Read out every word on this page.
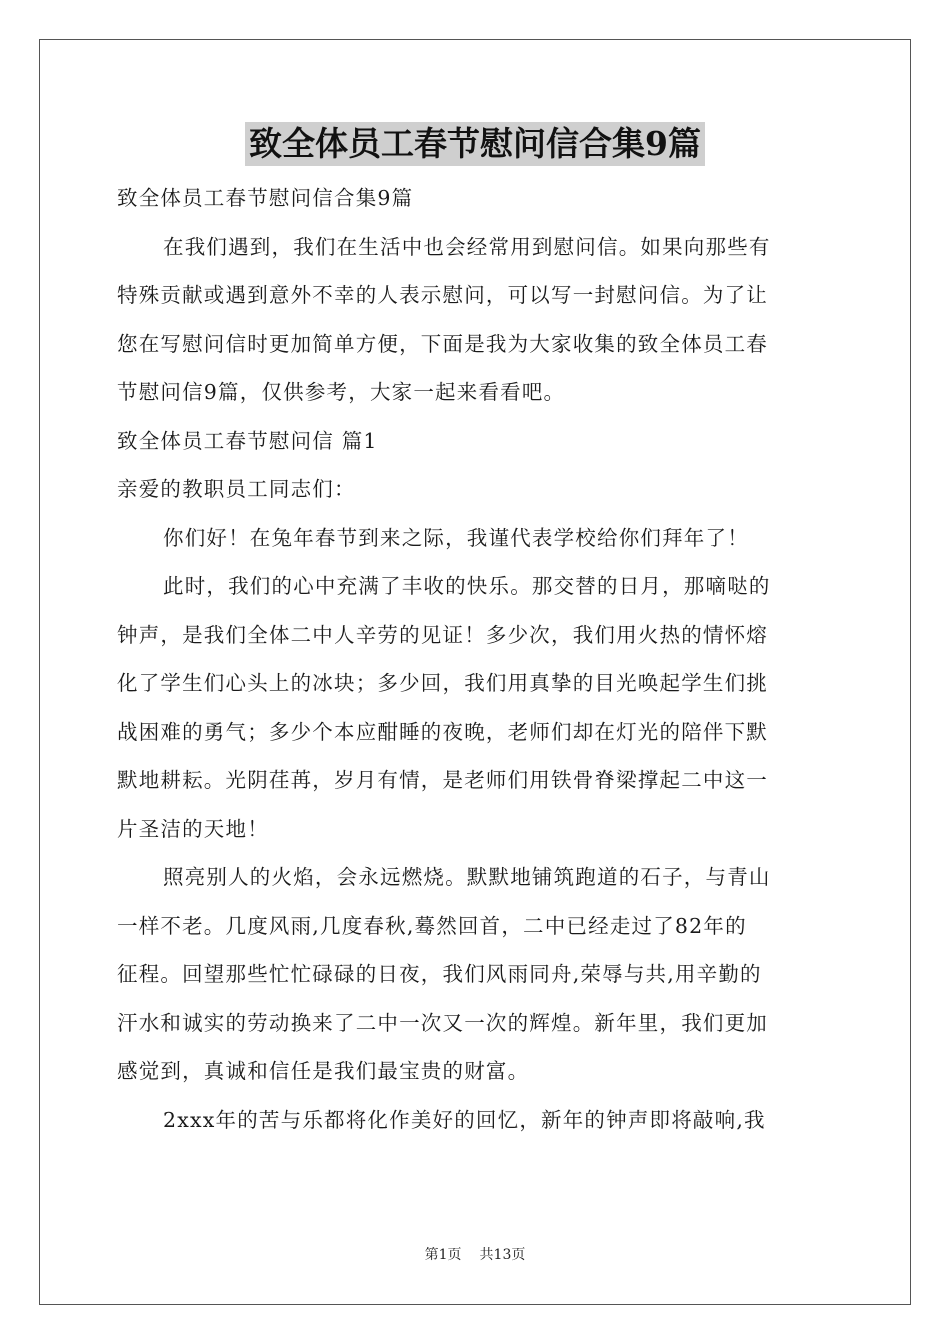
致全体员工春节慰问信合集9篇
致全体员工春节慰问信合集9篇
在我们遇到，我们在生活中也会经常用到慰问信。如果向那些有
特殊贡献或遇到意外不幸的人表示慰问，可以写一封慰问信。为了让
您在写慰问信时更加简单方便，下面是我为大家收集的致全体员工春
节慰问信9篇，仅供参考，大家一起来看看吧。
致全体员工春节慰问信 篇1
亲爱的教职员工同志们：
你们好！在兔年春节到来之际，我谨代表学校给你们拜年了！
此时，我们的心中充满了丰收的快乐。那交替的日月，那嘀哒的
钟声，是我们全体二中人辛劳的见证！多少次，我们用火热的情怀熔
化了学生们心头上的冰块；多少回，我们用真挚的目光唤起学生们挑
战困难的勇气；多少个本应酣睡的夜晚，老师们却在灯光的陪伴下默
默地耕耘。光阴荏苒，岁月有情，是老师们用铁骨脊梁撑起二中这一
片圣洁的天地！
照亮别人的火焰，会永远燃烧。默默地铺筑跑道的石子，与青山
一样不老。几度风雨,几度春秋,蓦然回首，二中已经走过了82年的
征程。回望那些忙忙碌碌的日夜，我们风雨同舟,荣辱与共,用辛勤的
汗水和诚实的劳动换来了二中一次又一次的辉煌。新年里，我们更加
感觉到，真诚和信任是我们最宝贵的财富。
2xxx年的苦与乐都将化作美好的回忆，新年的钟声即将敲响,我
第1页 共13页
